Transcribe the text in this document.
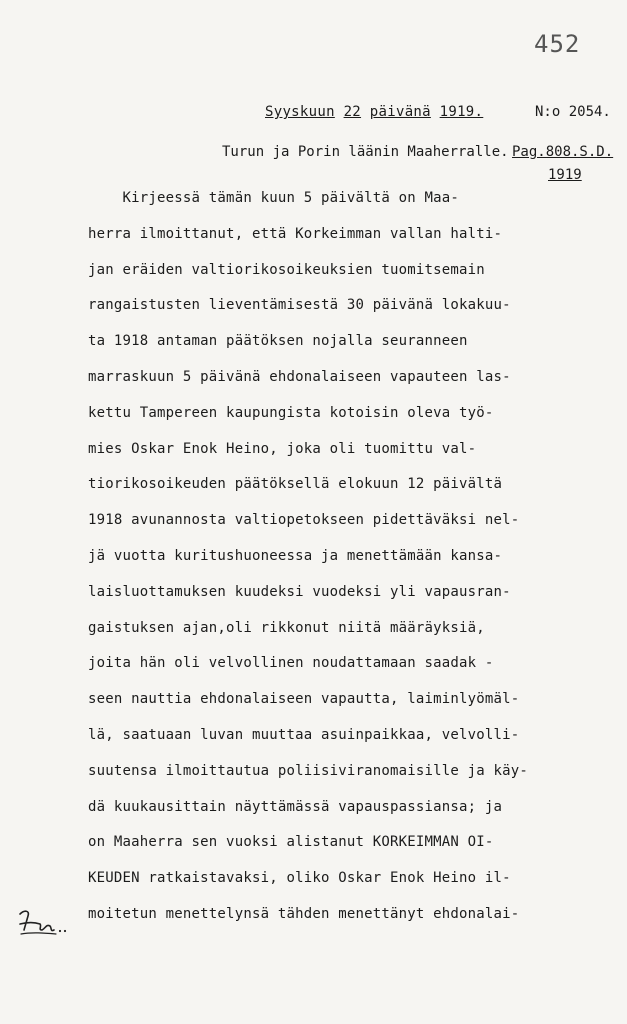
452
Syyskuun 22 päivänä 1919.	N:o 2054.
Turun ja Porin läänin Maaherralle. Pag.808.S.D.
1919
Kirjeessä tämän kuun 5 päivältä on Maa-
herra ilmoittanut, että Korkeimman vallan halti-
jan eräiden valtiorikosoikeuksien tuomitsemain
rangaistusten lieventämisestä 30 päivänä lokakuu-
ta 1918 antaman päätöksen nojalla seuranneen
marraskuun 5 päivänä ehdonalaiseen vapauteen las-
kettu Tampereen kaupungista kotoisin oleva työ-
mies Oskar Enok Heino, joka oli tuomittu val-
tiorikosoikeuden päätöksellä elokuun 12 päivältä
1918 avunannosta valtiopetokseen pidettäväksi nel-
jä vuotta kuritushuoneessa ja menettämään kansa-
laisluottamuksen kuudeksi vuodeksi yli vapausran-
gaistuksen ajan,oli rikkonut niitä määräyksiä,
joita hän oli velvollinen noudattamaan saadak -
seen nauttia ehdonalaiseen vapautta, laiminlyömäl-
lä, saatuaan luvan muuttaa asuinpaikkaa, velvolli-
suutensa ilmoittautua poliisiviranomaisille ja käy-
dä kuukausittain näyttämässä vapauspassiansa; ja
on Maaherra sen vuoksi alistanut KORKEIMMAN OI-
KEUDEN ratkaistavaksi, oliko Oskar Enok Heino il-
moitetun menettelynsä tähden menettänyt ehdonalai-
